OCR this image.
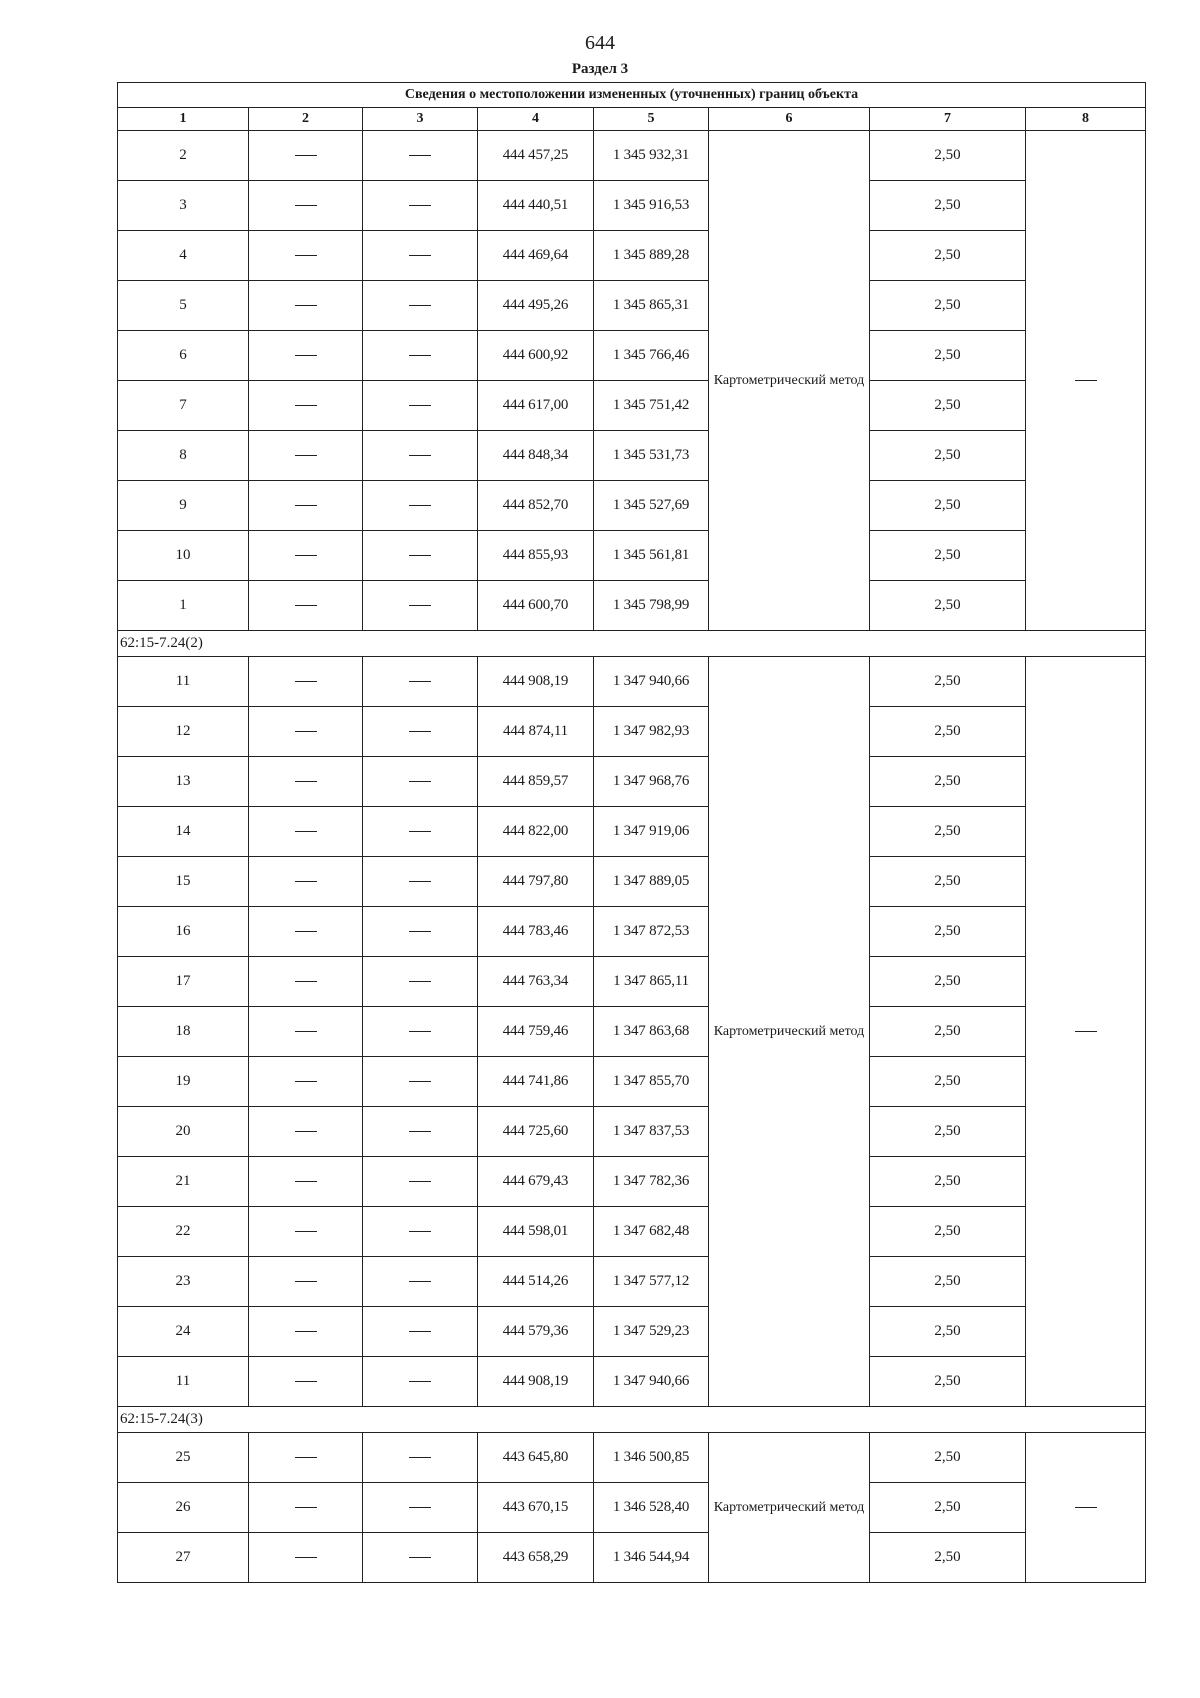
644
Раздел 3
Сведения о местоположении измененных (уточненных) границ объекта							
1	2	3	4	5	6	7	8
2			444 457,25	1 345 932,31	Картометрический метод	2,50	
3			444 440,51	1 345 916,53		2,50	
4			444 469,64	1 345 889,28		2,50	
5			444 495,26	1 345 865,31		2,50	
6			444 600,92	1 345 766,46		2,50	
7			444 617,00	1 345 751,42		2,50	
8			444 848,34	1 345 531,73		2,50	
9			444 852,70	1 345 527,69		2,50	
10			444 855,93	1 345 561,81		2,50	
1			444 600,70	1 345 798,99		2,50	
62:15-7.24(2)							
11			444 908,19	1 347 940,66	Картометрический метод	2,50	
12			444 874,11	1 347 982,93		2,50	
13			444 859,57	1 347 968,76		2,50	
14			444 822,00	1 347 919,06		2,50	
15			444 797,80	1 347 889,05		2,50	
16			444 783,46	1 347 872,53		2,50	
17			444 763,34	1 347 865,11		2,50	
18			444 759,46	1 347 863,68		2,50	
19			444 741,86	1 347 855,70		2,50	
20			444 725,60	1 347 837,53		2,50	
21			444 679,43	1 347 782,36		2,50	
22			444 598,01	1 347 682,48		2,50	
23			444 514,26	1 347 577,12		2,50	
24			444 579,36	1 347 529,23		2,50	
11			444 908,19	1 347 940,66		2,50	
62:15-7.24(3)							
25			443 645,80	1 346 500,85	Картометрический метод	2,50	
26			443 670,15	1 346 528,40		2,50	
27			443 658,29	1 346 544,94		2,50	
